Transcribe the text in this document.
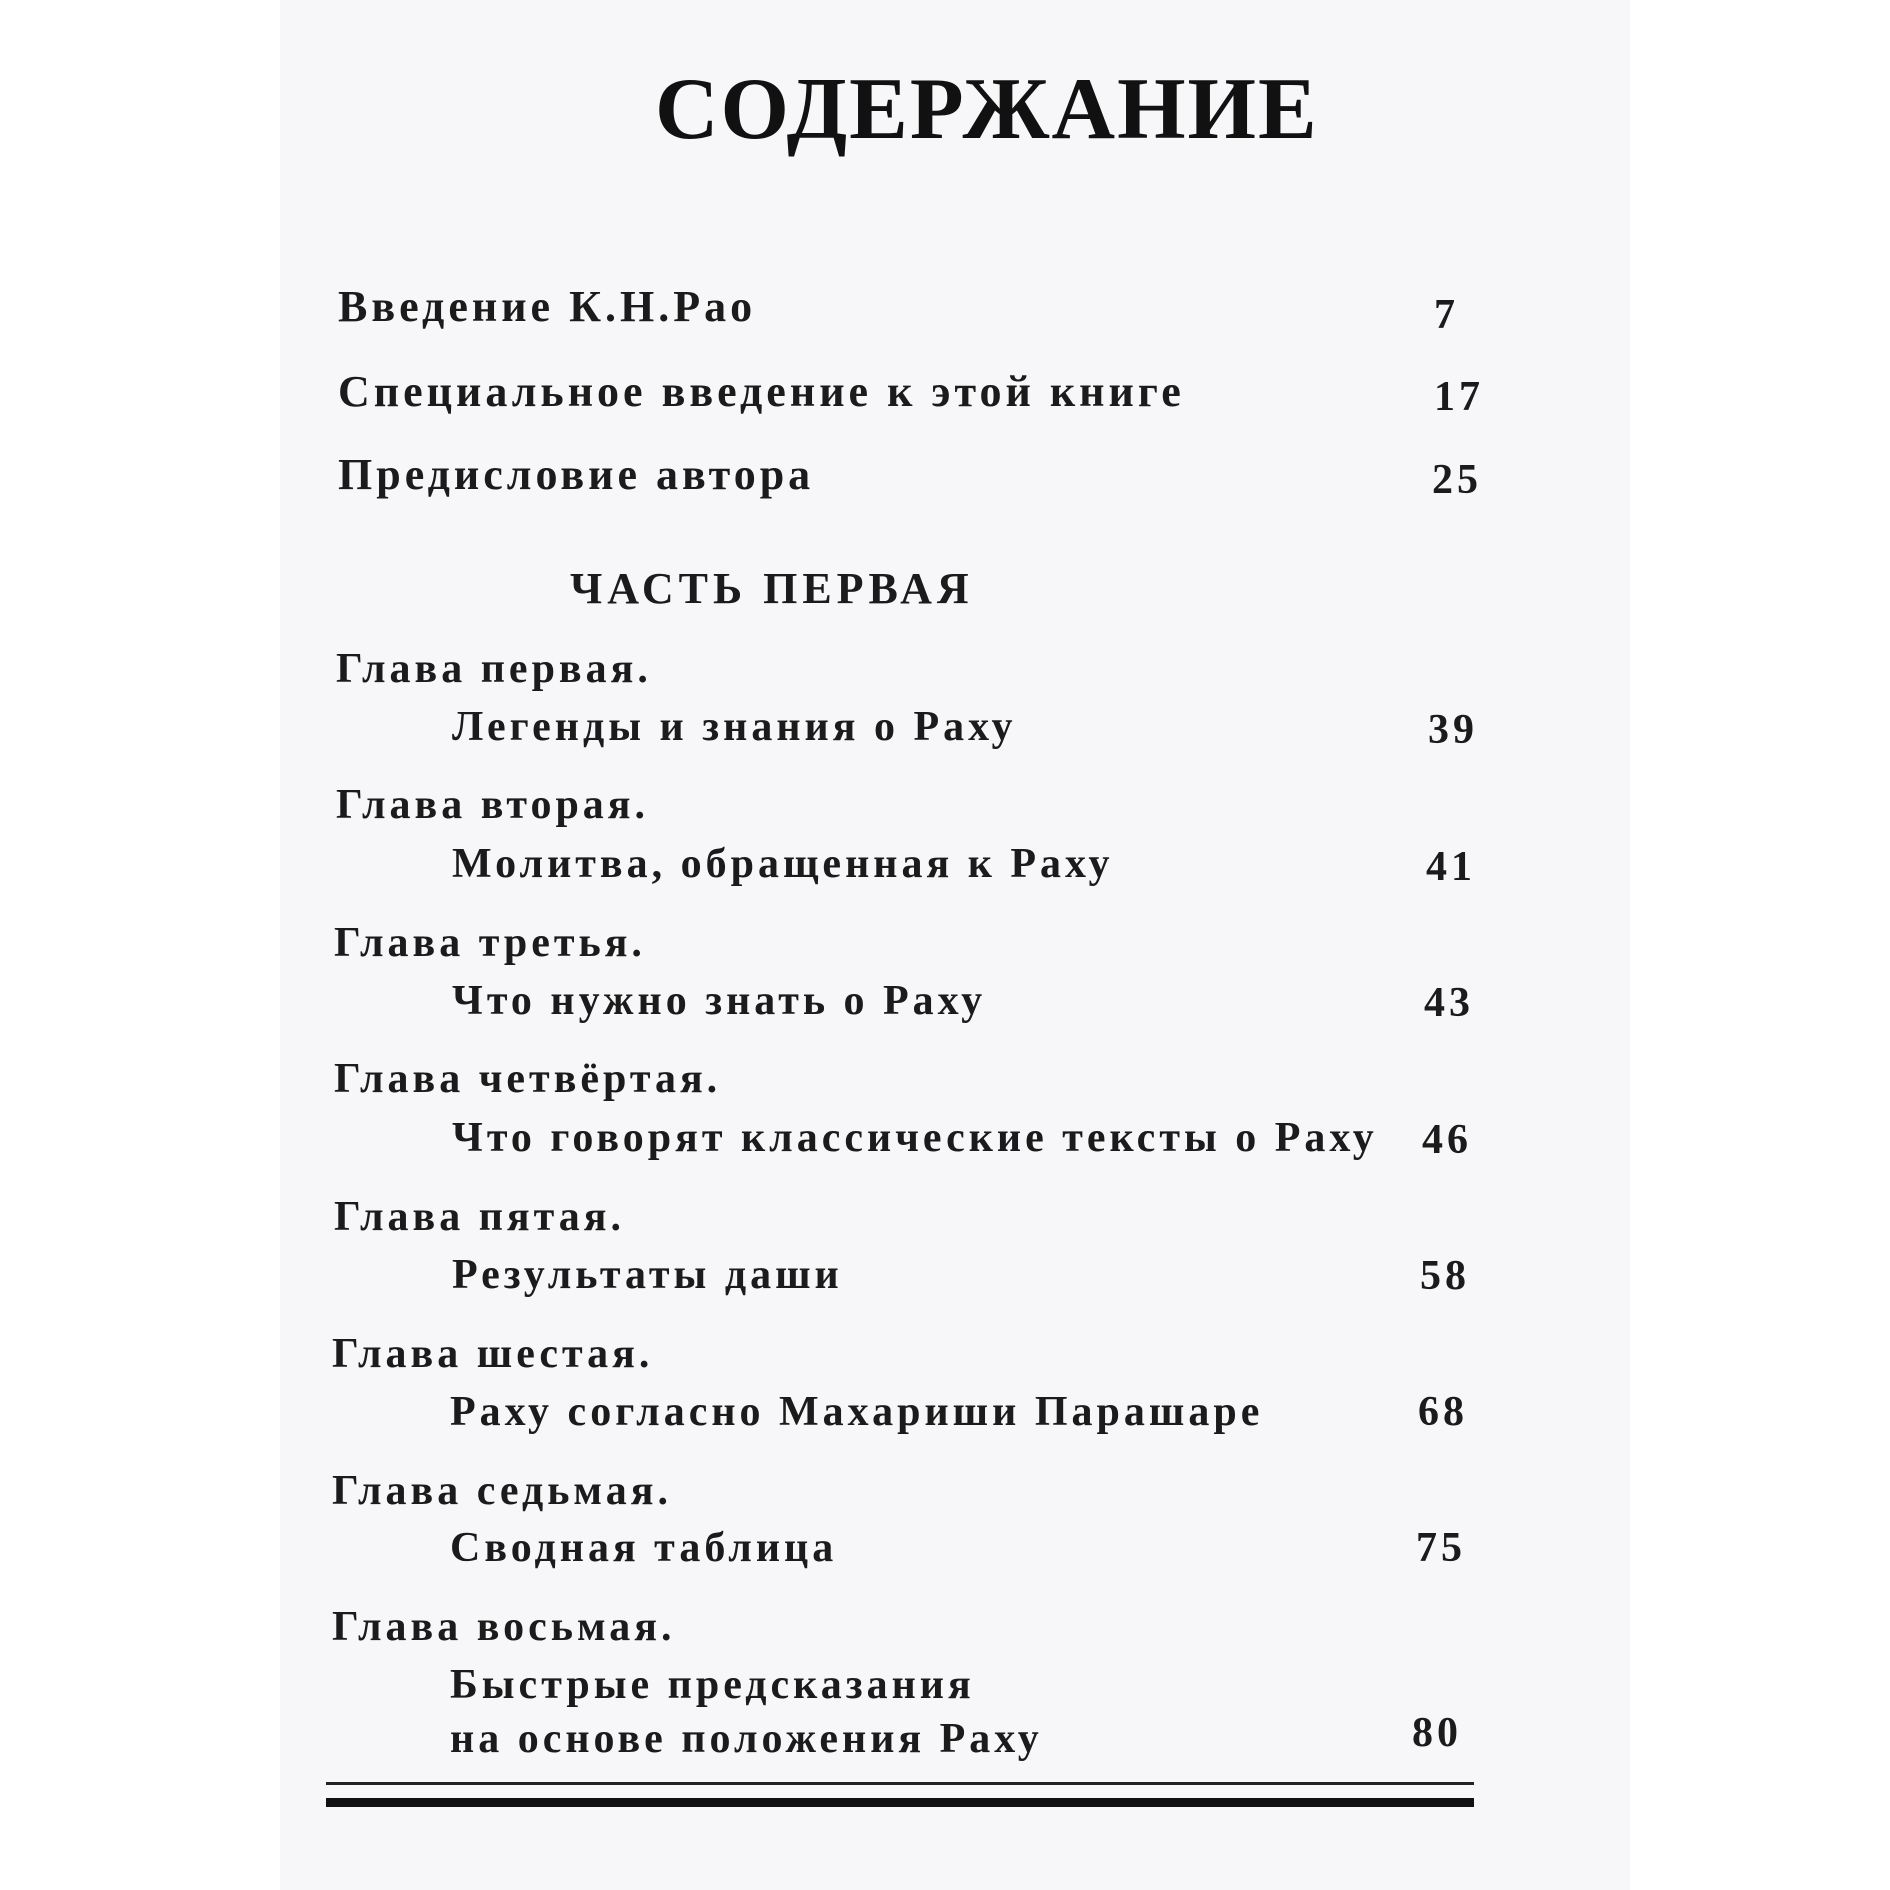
СОДЕРЖАНИЕ
Введение К.Н.Рао	7
Специальное введение к этой книге	17
Предисловие автора	25
ЧАСТЬ ПЕРВАЯ
Глава первая.
Легенды и знания о Раху	39
Глава вторая.
Молитва, обращенная к Раху	41
Глава третья.
Что нужно знать о Раху	43
Глава четвёртая.
Что говорят классические тексты о Раху 46
Глава пятая.
Результаты даши	58
Глава шестая.
Раху согласно Махариши Парашаре	68
Глава седьмая.
Сводная таблица	75
Глава восьмая.
Быстрые предсказания
на основе положения Раху	80
